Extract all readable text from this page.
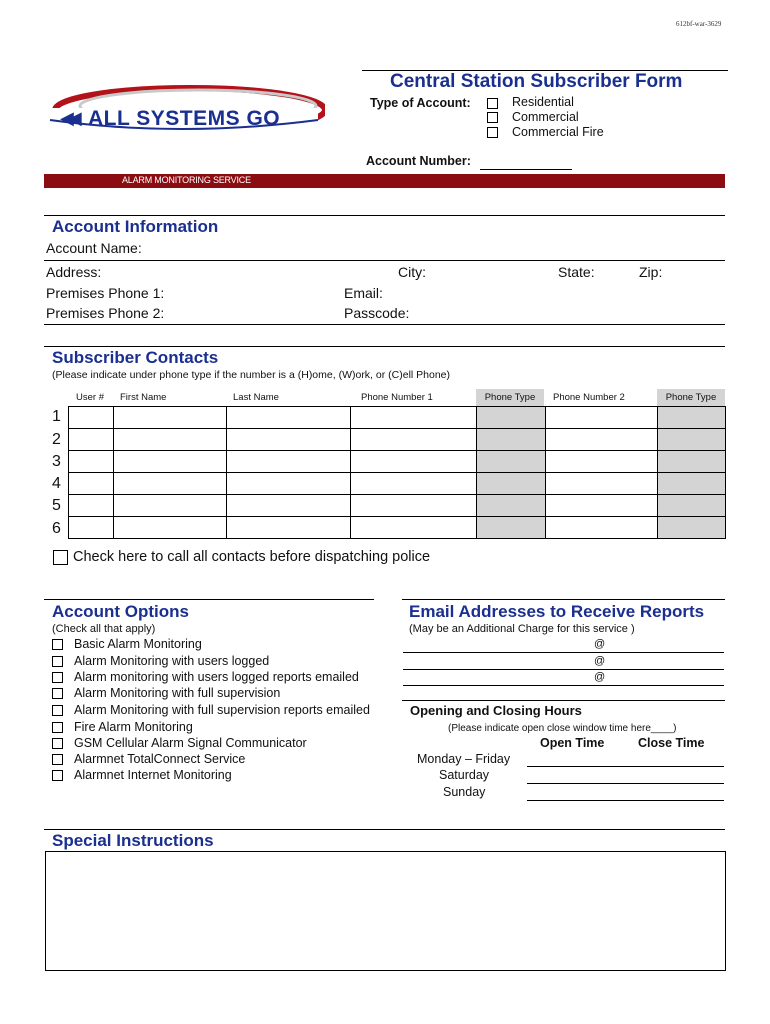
612bf-war-3629
◀◀ ALL SYSTEMS GO
Central Station Subscriber Form
Type of Account:	Residential
Commercial
Commercial Fire
Account Number:
ALARM MONITORING SERVICE
Account Information
Account Name:
Address:	City:	State:	Zip:
Premises Phone 1:	Email:
Premises Phone 2:	Passcode:
Subscriber Contacts
(Please indicate under phone type if the number is a (H)ome, (W)ork, or (C)ell Phone)
User # First Name	Last Name	Phone Number 1	Phone Type	Phone Number 2	Phone Type
1
2
3
4
5
6

Check here to call all contacts before dispatching police
Account Options
(Check all that apply)
Basic Alarm Monitoring
Alarm Monitoring with users logged
Alarm monitoring with users logged reports emailed
Alarm Monitoring with full supervision
Alarm Monitoring with full supervision reports emailed
Fire Alarm Monitoring
GSM Cellular Alarm Signal Communicator
Alarmnet TotalConnect Service
Alarmnet Internet Monitoring
Email Addresses to Receive Reports
(May be an Additional Charge for this service )
@
@
@
Opening and Closing Hours
(Please indicate open close window time here____)
Open Time	Close Time
Monday – Friday
Saturday
Sunday
Special Instructions
